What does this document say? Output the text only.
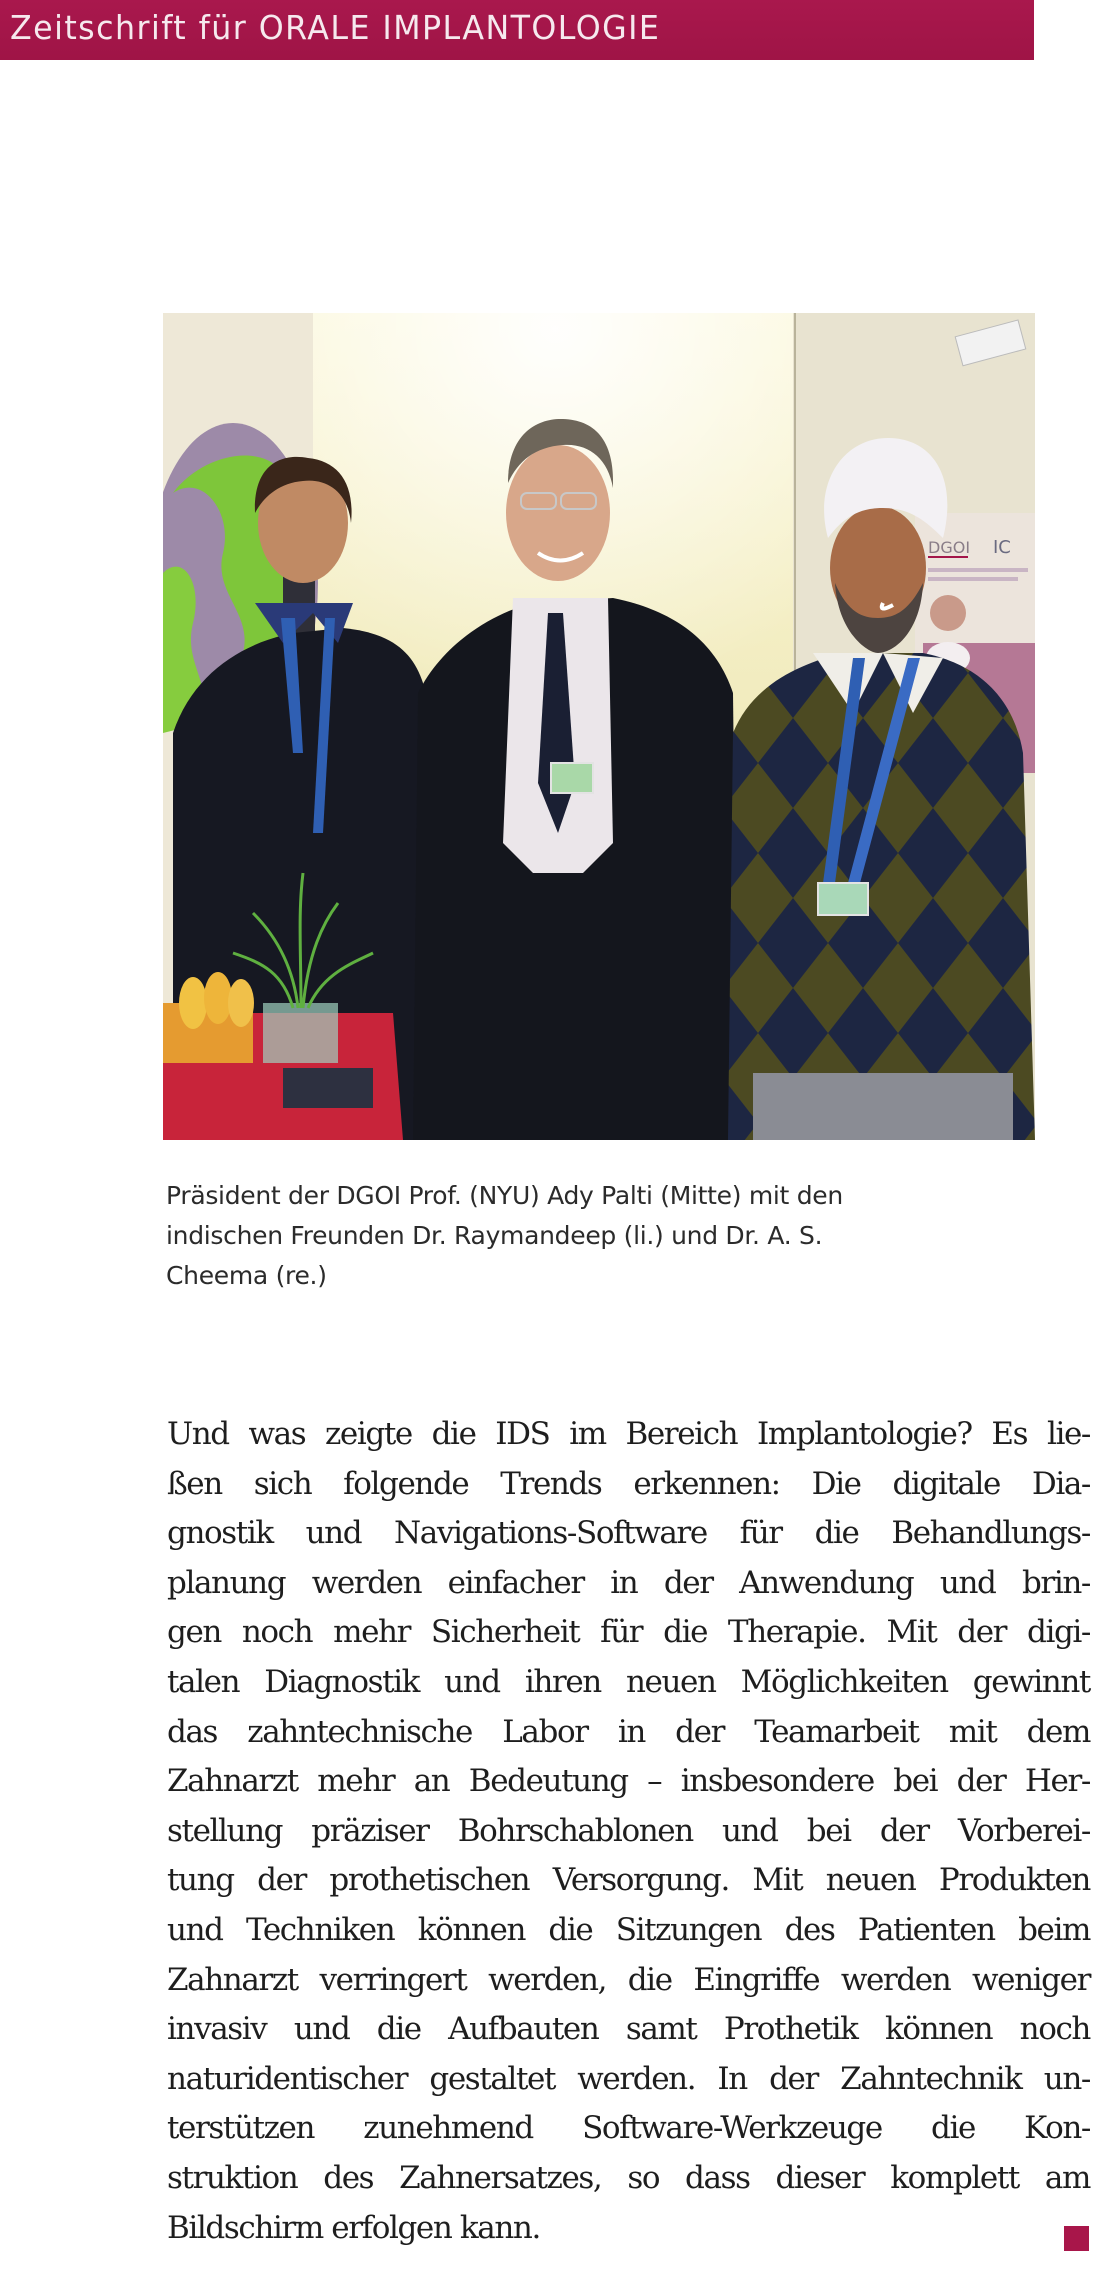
Zeitschrift für ORALE IMPLANTOLOGIE
DGOI IC
Präsident der DGOI Prof. (NYU) Ady Palti (Mitte) mit den
indischen Freunden Dr. Raymandeep (li.) und Dr. A. S.
Cheema (re.)
Und was zeigte die IDS im Bereich Implantologie? Es lie-
ßen sich folgende Trends erkennen: Die digitale Dia-
gnostik und Navigations-Software für die Behandlungs-
planung werden einfacher in der Anwendung und brin-
gen noch mehr Sicherheit für die Therapie. Mit der digi-
talen Diagnostik und ihren neuen Möglichkeiten gewinnt
das zahntechnische Labor in der Teamarbeit mit dem
Zahnarzt mehr an Bedeutung – insbesondere bei der Her-
stellung präziser Bohrschablonen und bei der Vorberei-
tung der prothetischen Versorgung. Mit neuen Produkten
und Techniken können die Sitzungen des Patienten beim
Zahnarzt verringert werden, die Eingriffe werden weniger
invasiv und die Aufbauten samt Prothetik können noch
naturidentischer gestaltet werden. In der Zahntechnik un-
terstützen zunehmend Software-Werkzeuge die Kon-
struktion des Zahnersatzes, so dass dieser komplett am
Bildschirm erfolgen kann.
